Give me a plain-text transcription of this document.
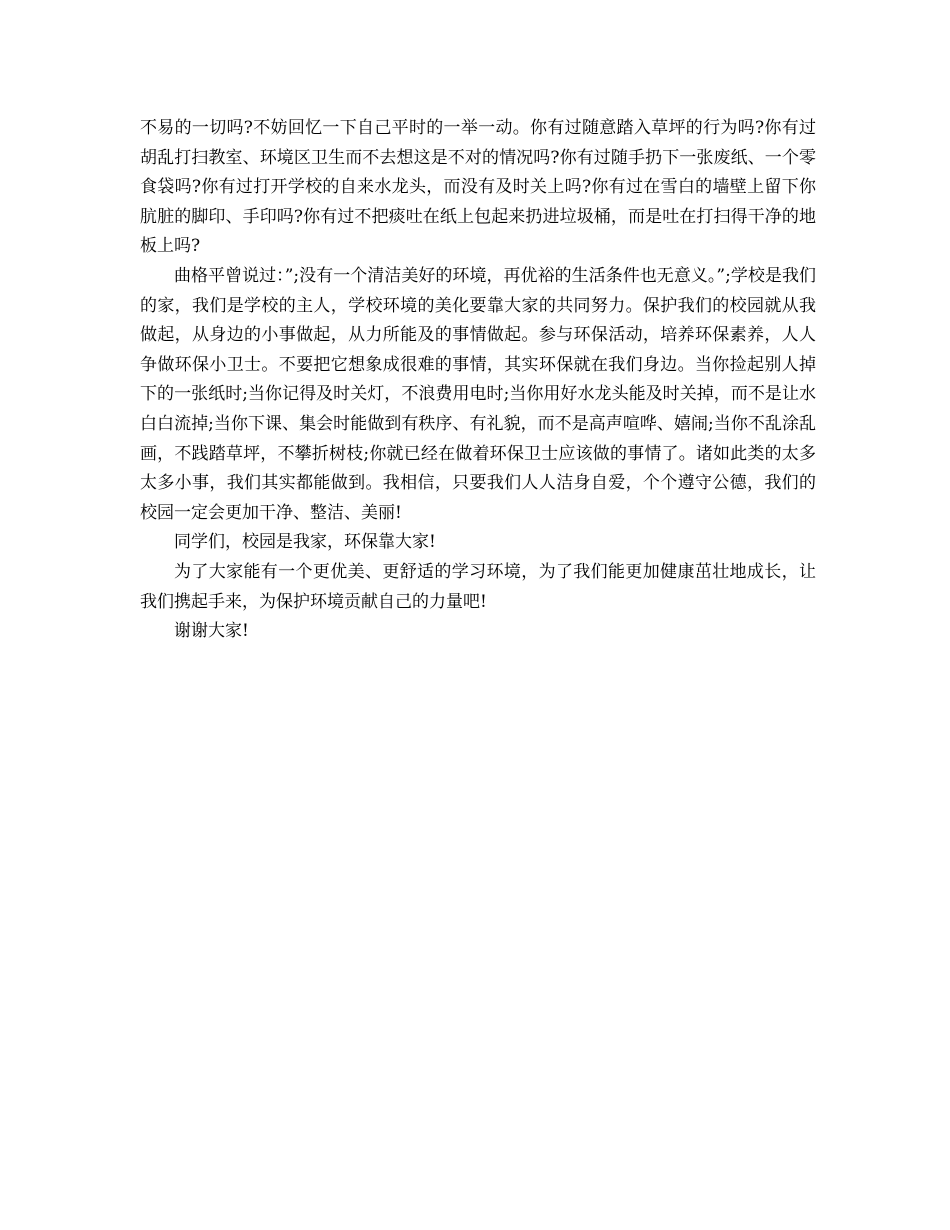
不易的一切吗?不妨回忆一下自己平时的一举一动。你有过随意踏入草坪的行为吗?你有过胡乱打扫教室、环境区卫生而不去想这是不对的情况吗?你有过随手扔下一张废纸、一个零食袋吗?你有过打开学校的自来水龙头，而没有及时关上吗?你有过在雪白的墙壁上留下你肮脏的脚印、手印吗?你有过不把痰吐在纸上包起来扔进垃圾桶，而是吐在打扫得干净的地板上吗?

曲格平曾说过：”;没有一个清洁美好的环境，再优裕的生活条件也无意义。”;学校是我们的家，我们是学校的主人，学校环境的美化要靠大家的共同努力。保护我们的校园就从我做起，从身边的小事做起，从力所能及的事情做起。参与环保活动，培养环保素养，人人争做环保小卫士。不要把它想象成很难的事情，其实环保就在我们身边。当你捡起别人掉下的一张纸时;当你记得及时关灯，不浪费用电时;当你用好水龙头能及时关掉，而不是让水白白流掉;当你下课、集会时能做到有秩序、有礼貌，而不是高声喧哗、嬉闹;当你不乱涂乱画，不践踏草坪，不攀折树枝;你就已经在做着环保卫士应该做的事情了。诸如此类的太多太多小事，我们其实都能做到。我相信，只要我们人人洁身自爱，个个遵守公德，我们的校园一定会更加干净、整洁、美丽!

同学们，校园是我家，环保靠大家!

为了大家能有一个更优美、更舒适的学习环境，为了我们能更加健康茁壮地成长，让我们携起手来，为保护环境贡献自己的力量吧!

谢谢大家!
